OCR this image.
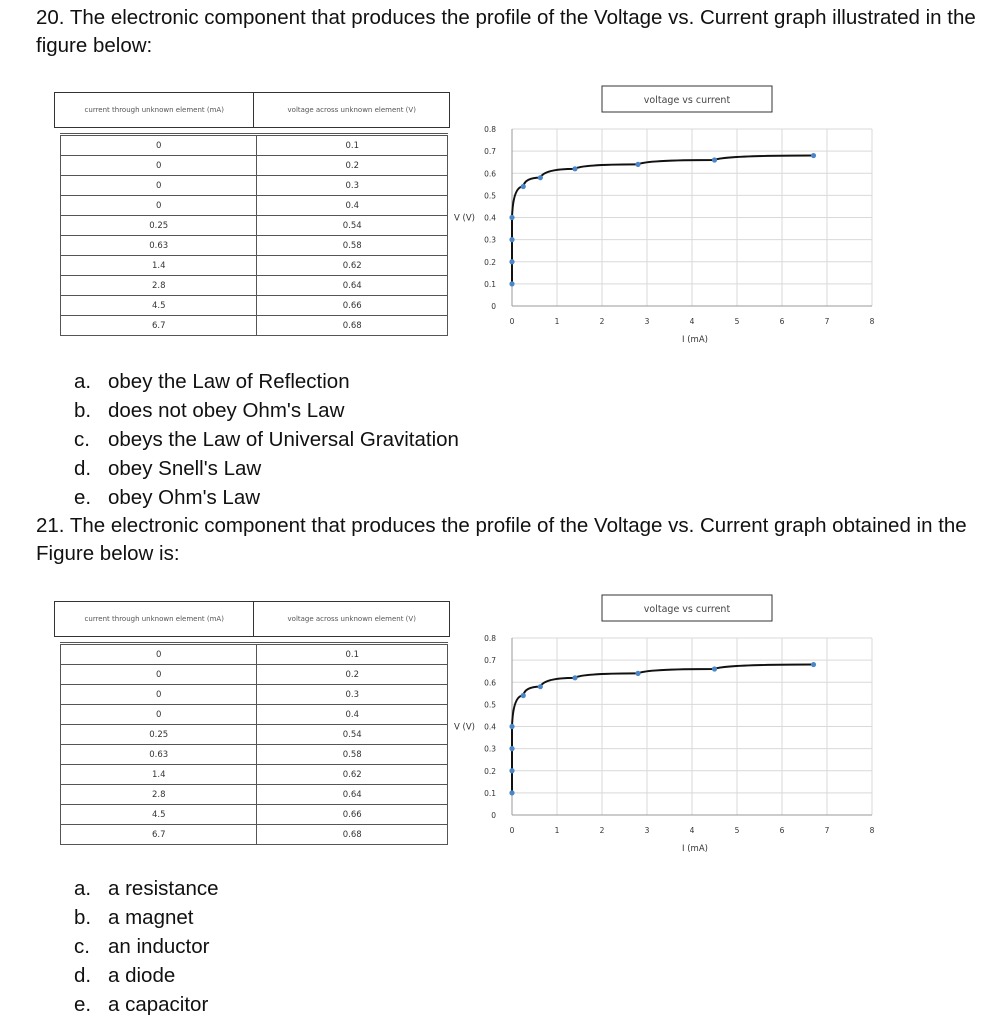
20. The electronic component that produces the profile of the Voltage vs. Current graph illustrated in the figure below:

current through unknown element (mA)	voltage across unknown element (V)
0	0.1
0	0.2
0	0.3
0	0.4
0.25	0.54
0.63	0.58
1.4	0.62
2.8	0.64
4.5	0.66
6.7	0.68
voltage vs current
0	1	2	3	4	5	6	7	8
0
0.1
0.2
0.3
0.4
0.5
0.6
0.7
0.8
I (mA)
V (V)
a. obey the Law of Reflection
b. does not obey Ohm's Law
c. obeys the Law of Universal Gravitation
d. obey Snell's Law
e. obey Ohm's Law

21. The electronic component that produces the profile of the Voltage vs. Current graph obtained in the Figure below is:

current through unknown element (mA)	voltage across unknown element (V)
0	0.1
0	0.2
0	0.3
0	0.4
0.25	0.54
0.63	0.58
1.4	0.62
2.8	0.64
4.5	0.66
6.7	0.68
voltage vs current
0	1	2	3	4	5	6	7	8
0
0.1
0.2
0.3
0.4
0.5
0.6
0.7
0.8
I (mA)
V (V)
a. a resistance
b. a magnet
c. an inductor
d. a diode
e. a capacitor
